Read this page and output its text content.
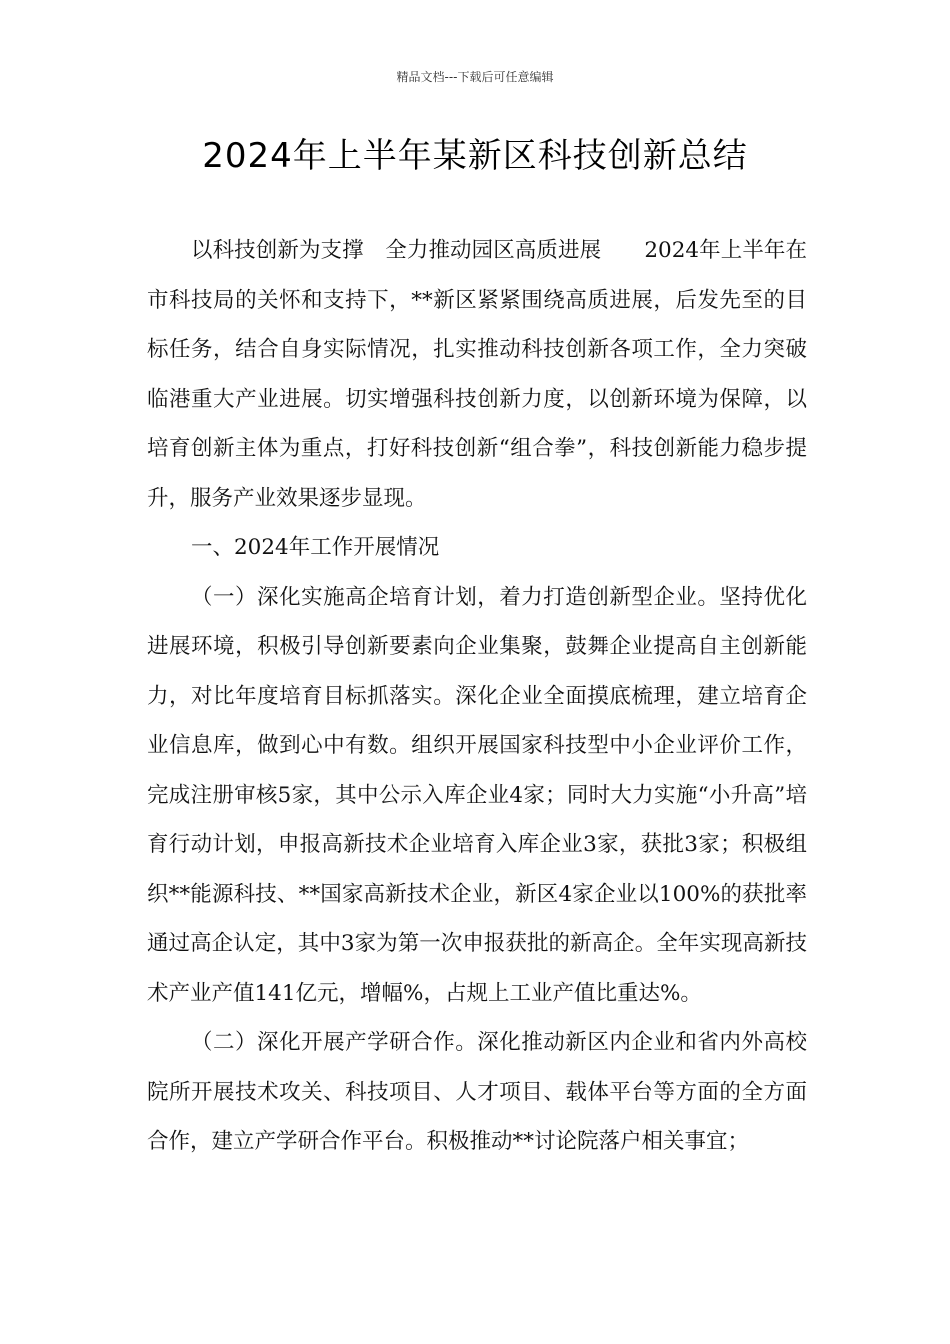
精品文档---下载后可任意编辑
2024年上半年某新区科技创新总结

以科技创新为支撑　全力推动园区高质进展　　2024年上半年在市科技局的关怀和支持下，**新区紧紧围绕高质进展，后发先至的目标任务，结合自身实际情况，扎实推动科技创新各项工作，全力突破临港重大产业进展。切实增强科技创新力度，以创新环境为保障，以培育创新主体为重点，打好科技创新“组合拳”，科技创新能力稳步提升，服务产业效果逐步显现。

一、2024年工作开展情况

（一）深化实施高企培育计划，着力打造创新型企业。坚持优化进展环境，积极引导创新要素向企业集聚，鼓舞企业提高自主创新能力，对比年度培育目标抓落实。深化企业全面摸底梳理，建立培育企业信息库，做到心中有数。组织开展国家科技型中小企业评价工作，完成注册审核5家，其中公示入库企业4家；同时大力实施“小升高”培育行动计划，申报高新技术企业培育入库企业3家，获批3家；积极组织**能源科技、**国家高新技术企业，新区4家企业以100%的获批率通过高企认定，其中3家为第一次申报获批的新高企。全年实现高新技术产业产值141亿元，增幅%，占规上工业产值比重达%。

（二）深化开展产学研合作。深化推动新区内企业和省内外高校院所开展技术攻关、科技项目、人才项目、载体平台等方面的全方面合作，建立产学研合作平台。积极推动**讨论院落户相关事宜；
